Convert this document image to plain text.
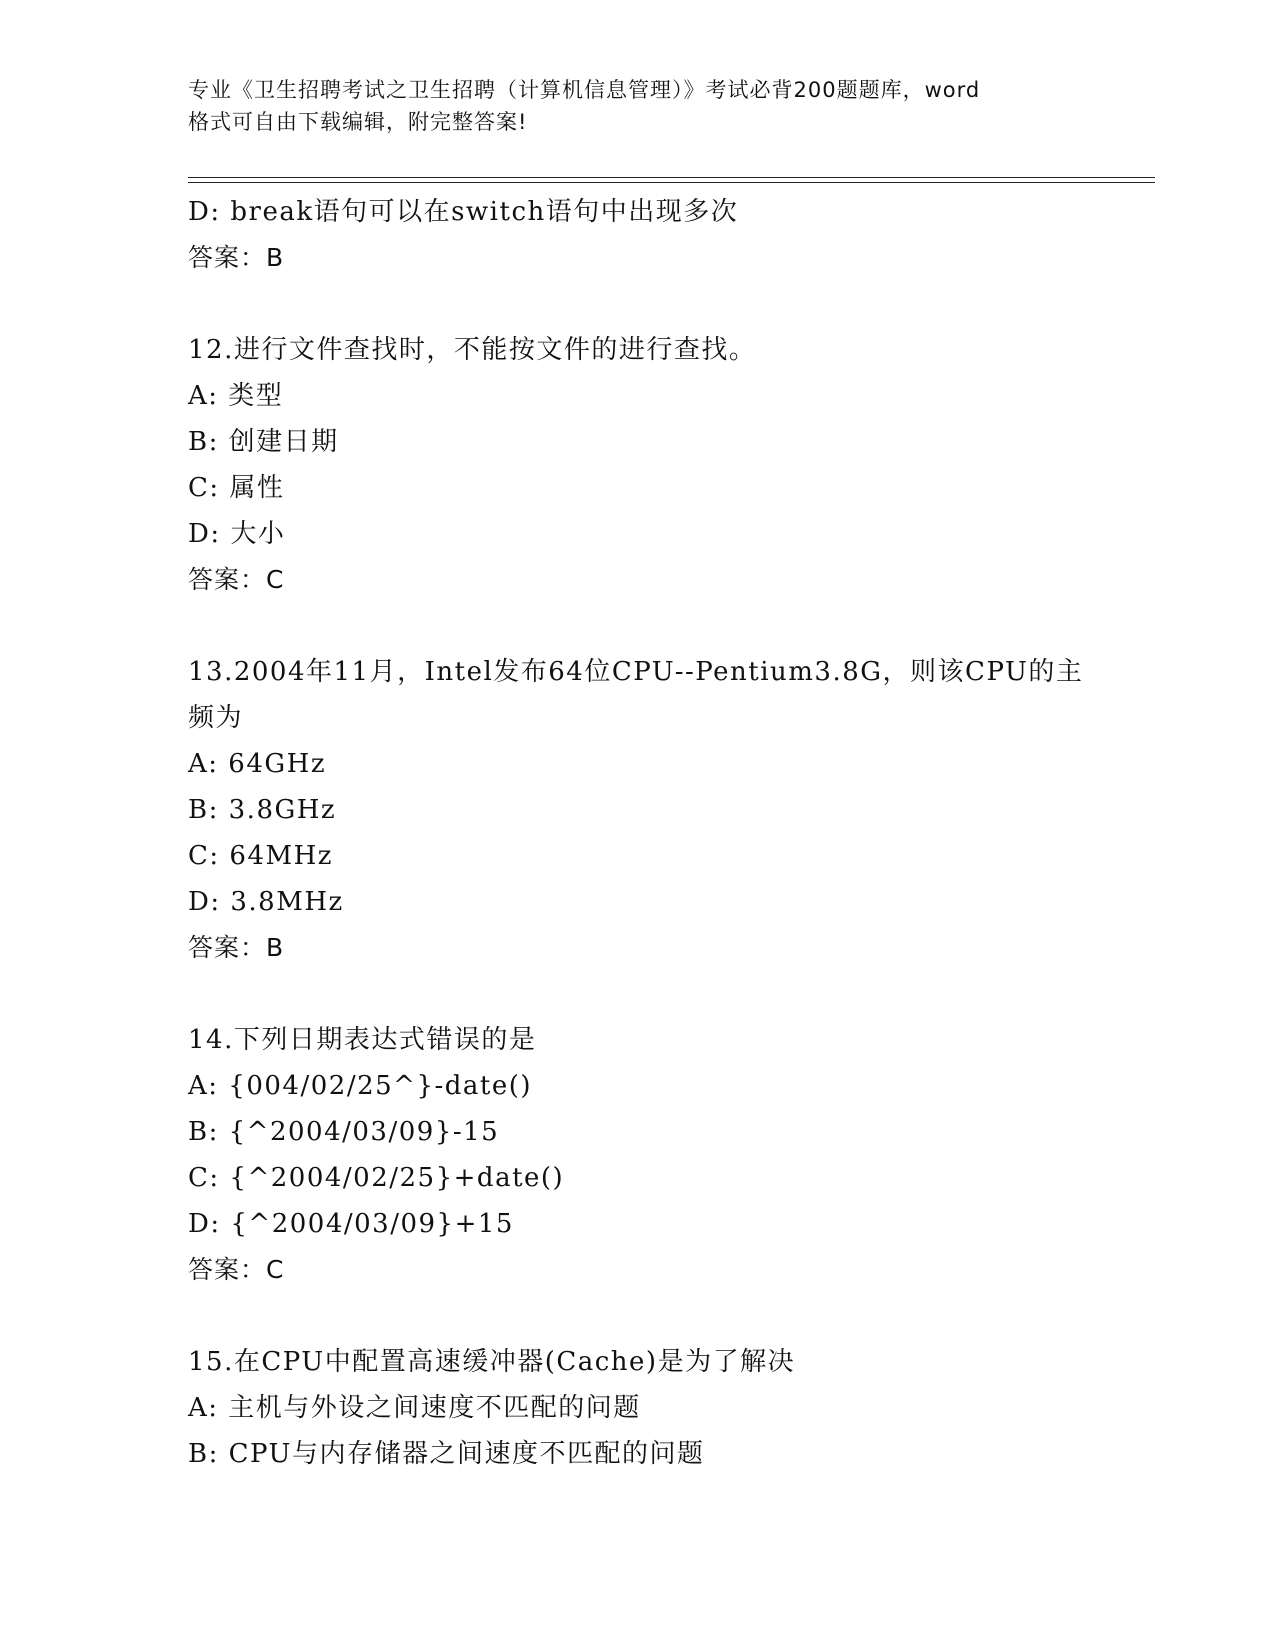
专业《卫生招聘考试之卫生招聘（计算机信息管理）》考试必背200题题库，word
格式可自由下载编辑，附完整答案!
D: break语句可以在switch语句中出现多次
答案：B
12.进行文件查找时，不能按文件的进行查找。
A: 类型
B: 创建日期
C: 属性
D: 大小
答案：C
13.2004年11月，Intel发布64位CPU--Pentium3.8G，则该CPU的主
频为
A: 64GHz
B: 3.8GHz
C: 64MHz
D: 3.8MHz
答案：B
14.下列日期表达式错误的是
A: {004/02/25^}-date()
B: {^2004/03/09}-15
C: {^2004/02/25}+date()
D: {^2004/03/09}+15
答案：C
15.在CPU中配置高速缓冲器(Cache)是为了解决
A: 主机与外设之间速度不匹配的问题
B: CPU与内存储器之间速度不匹配的问题
